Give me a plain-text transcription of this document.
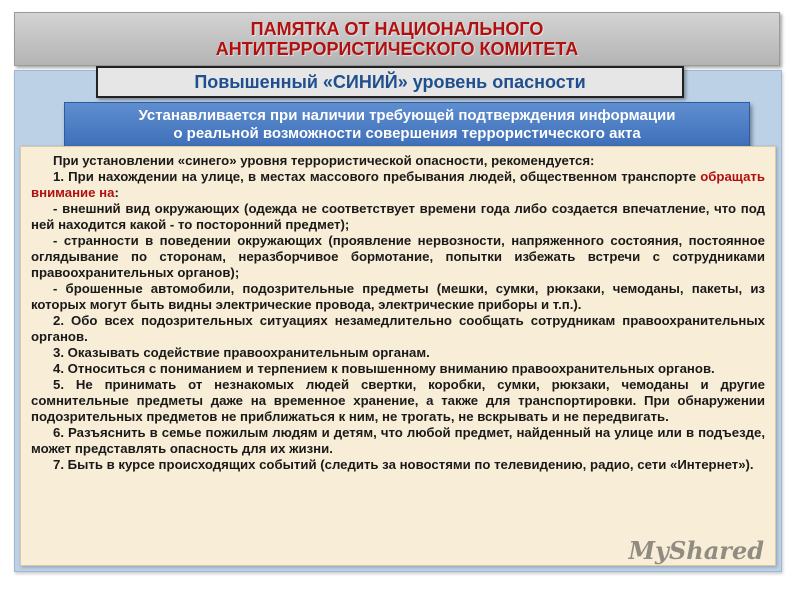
ПАМЯТКА ОТ НАЦИОНАЛЬНОГО
АНТИТЕРРОРИСТИЧЕСКОГО КОМИТЕТА
Повышенный «СИНИЙ» уровень опасности
Устанавливается при наличии требующей подтверждения информации
о реальной возможности совершения террористического акта

При установлении «синего» уровня террористической опасности, рекомендуется:

1. При нахождении на улице, в местах массового пребывания людей, общественном транспорте обращать внимание на:

- внешний вид окружающих (одежда не соответствует времени года либо создается впечатление, что под ней находится какой - то посторонний предмет);

- странности в поведении окружающих (проявление нервозности, напряженного состояния, постоянное оглядывание по сторонам, неразборчивое бормотание, попытки избежать встречи с сотрудниками правоохранительных органов);

- брошенные автомобили, подозрительные предметы (мешки, сумки, рюкзаки, чемоданы, пакеты, из которых могут быть видны электрические провода, электрические приборы и т.п.).

2. Обо всех подозрительных ситуациях незамедлительно сообщать сотрудникам правоохранительных органов.

3. Оказывать содействие правоохранительным органам.

4. Относиться с пониманием и терпением к повышенному вниманию правоохранительных органов.

5. Не принимать от незнакомых людей свертки, коробки, сумки, рюкзаки, чемоданы и другие сомнительные предметы даже на временное хранение, а также для транспортировки. При обнаружении подозрительных предметов не приближаться к ним, не трогать, не вскрывать и не передвигать.

6. Разъяснить в семье пожилым людям и детям, что любой предмет, найденный на улице или в подъезде, может представлять опасность для их жизни.

7. Быть в курсе происходящих событий (следить за новостями по телевидению, радио, сети «Интернет»).

MyShared
